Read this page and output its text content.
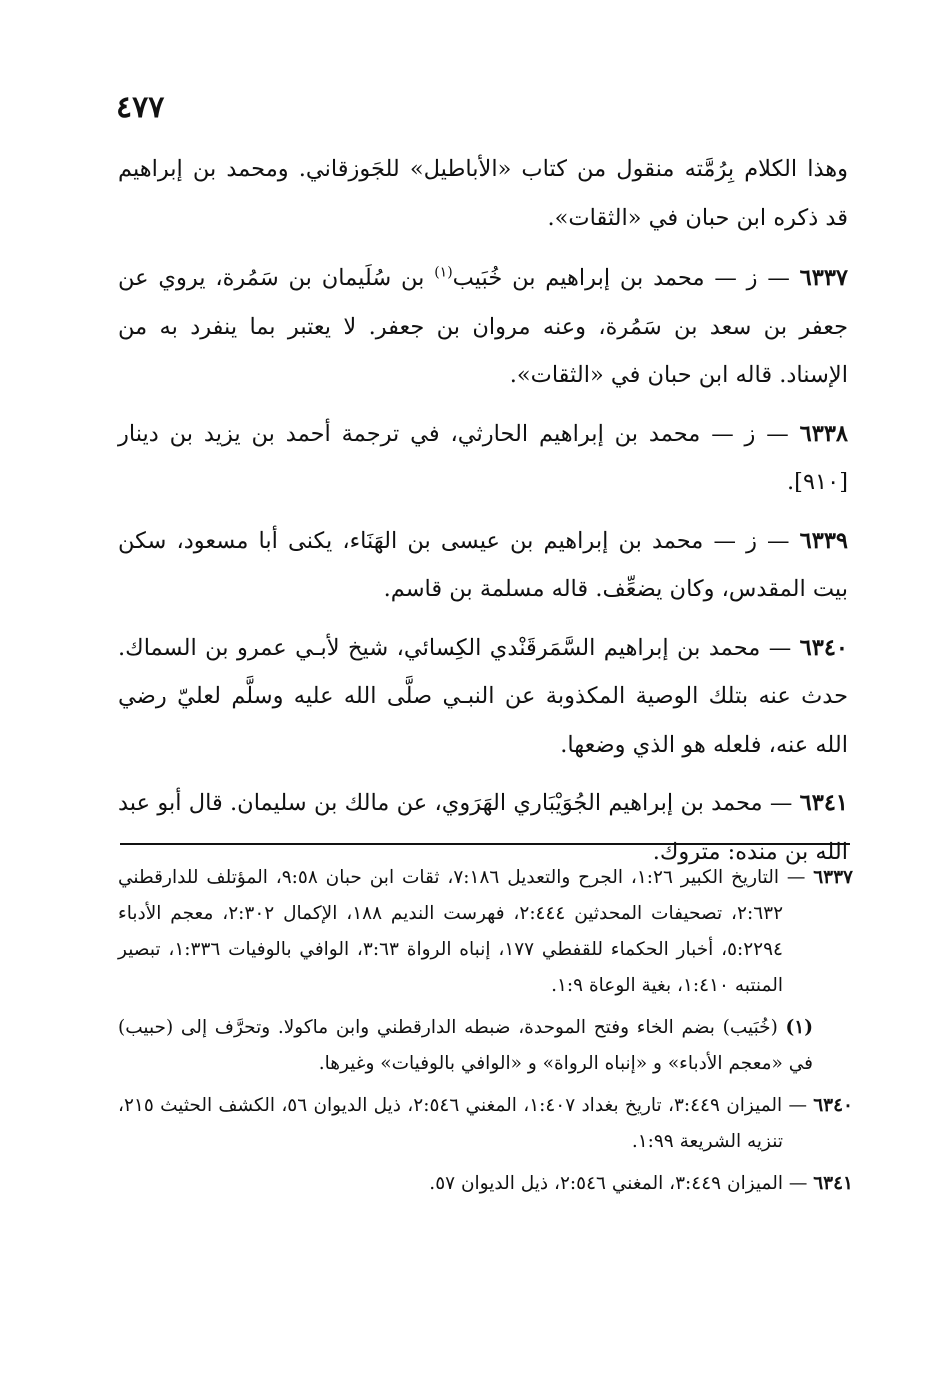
٤٧٧

وهذا الكلام بِرُمَّته منقول من كتاب «الأباطيل» للجَوزقاني. ومحمد بن إبراهيم قد ذكره ابن حبان في «الثقات».

٦٣٣٧ — ز — محمد بن إبراهيم بن خُبَيب$^{(١)}$ بن سُلَيمان بن سَمُرة، يروي عن جعفر بن سعد بن سَمُرة، وعنه مروان بن جعفر. لا يعتبر بما ينفرد به من الإسناد. قاله ابن حبان في «الثقات».

٦٣٣٨ — ز — محمد بن إبراهيم الحارثي، في ترجمة أحمد بن يزيد بن دينار [٩١٠].

٦٣٣٩ — ز — محمد بن إبراهيم بن عيسى بن الهَنَاء، يكنى أبا مسعود، سكن بيت المقدس، وكان يضعِّف. قاله مسلمة بن قاسم.

٦٣٤٠ — محمد بن إبراهيم السَّمَرقَنْدي الكِسائي، شيخ لأبـي عمرو بن السماك. حدث عنه بتلك الوصية المكذوبة عن النبـي صلَّى الله عليه وسلَّم لعليّ رضي الله عنه، فلعله هو الذي وضعها.

٦٣٤١ — محمد بن إبراهيم الجُوَيْبَاري الهَرَوي، عن مالك بن سليمان. قال أبو عبد الله بن منده: متروك.

٦٣٣٧ — التاريخ الكبير ١:٢٦، الجرح والتعديل ٧:١٨٦، ثقات ابن حبان ٩:٥٨، المؤتلف للدارقطني ٢:٦٣٢، تصحيفات المحدثين ٢:٤٤٤، فهرست النديم ١٨٨، الإكمال ٢:٣٠٢، معجم الأدباء ٥:٢٢٩٤، أخبار الحكماء للقفطي ١٧٧، إنباه الرواة ٣:٦٣، الوافي بالوفيات ١:٣٣٦، تبصير المنتبه ١:٤١٠، بغية الوعاة ١:٩.

(١) (خُبَيب) بضم الخاء وفتح الموحدة، ضبطه الدارقطني وابن ماكولا. وتحرَّف إلى (حبيب) في «معجم الأدباء» و «إنباه الرواة» و «الوافي بالوفيات» وغيرها.

٦٣٤٠ — الميزان ٣:٤٤٩، تاريخ بغداد ١:٤٠٧، المغني ٢:٥٤٦، ذيل الديوان ٥٦، الكشف الحثيث ٢١٥، تنزيه الشريعة ١:٩٩.

٦٣٤١ — الميزان ٣:٤٤٩، المغني ٢:٥٤٦، ذيل الديوان ٥٧.
